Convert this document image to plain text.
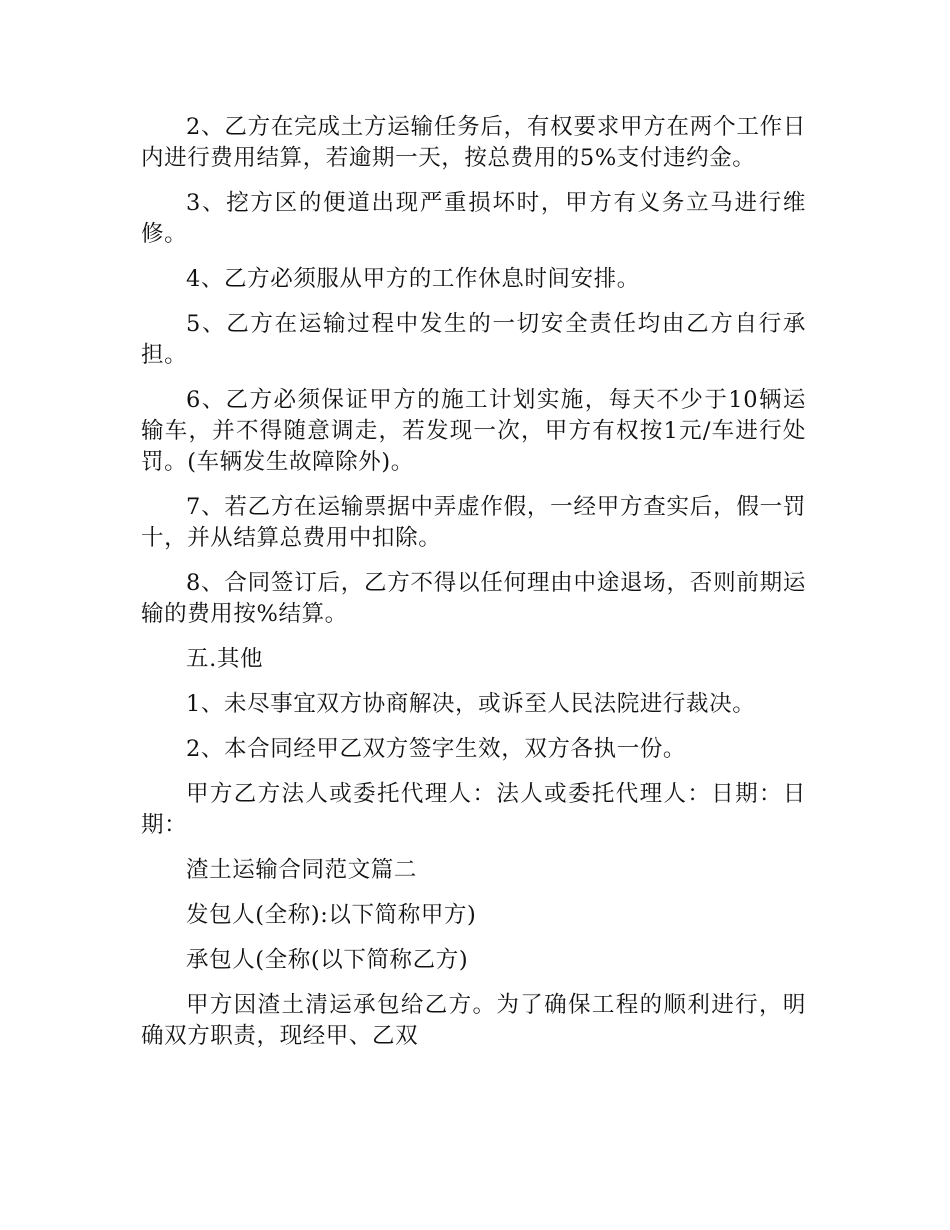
2、乙方在完成土方运输任务后，有权要求甲方在两个工作日内进行费用结算，若逾期一天，按总费用的5%支付违约金。

3、挖方区的便道出现严重损坏时，甲方有义务立马进行维修。

4、乙方必须服从甲方的工作休息时间安排。

5、乙方在运输过程中发生的一切安全责任均由乙方自行承担。

6、乙方必须保证甲方的施工计划实施，每天不少于10辆运输车，并不得随意调走，若发现一次，甲方有权按1元/车进行处罚。(车辆发生故障除外)。

7、若乙方在运输票据中弄虚作假，一经甲方查实后，假一罚十，并从结算总费用中扣除。

8、合同签订后，乙方不得以任何理由中途退场，否则前期运输的费用按%结算。

五.其他

1、未尽事宜双方协商解决，或诉至人民法院进行裁决。

2、本合同经甲乙双方签字生效，双方各执一份。

甲方乙方法人或委托代理人：法人或委托代理人：日期：日期：

渣土运输合同范文篇二

发包人(全称):以下简称甲方)

承包人(全称(以下简称乙方)

甲方因渣土清运承包给乙方。为了确保工程的顺利进行，明确双方职责，现经甲、乙双
